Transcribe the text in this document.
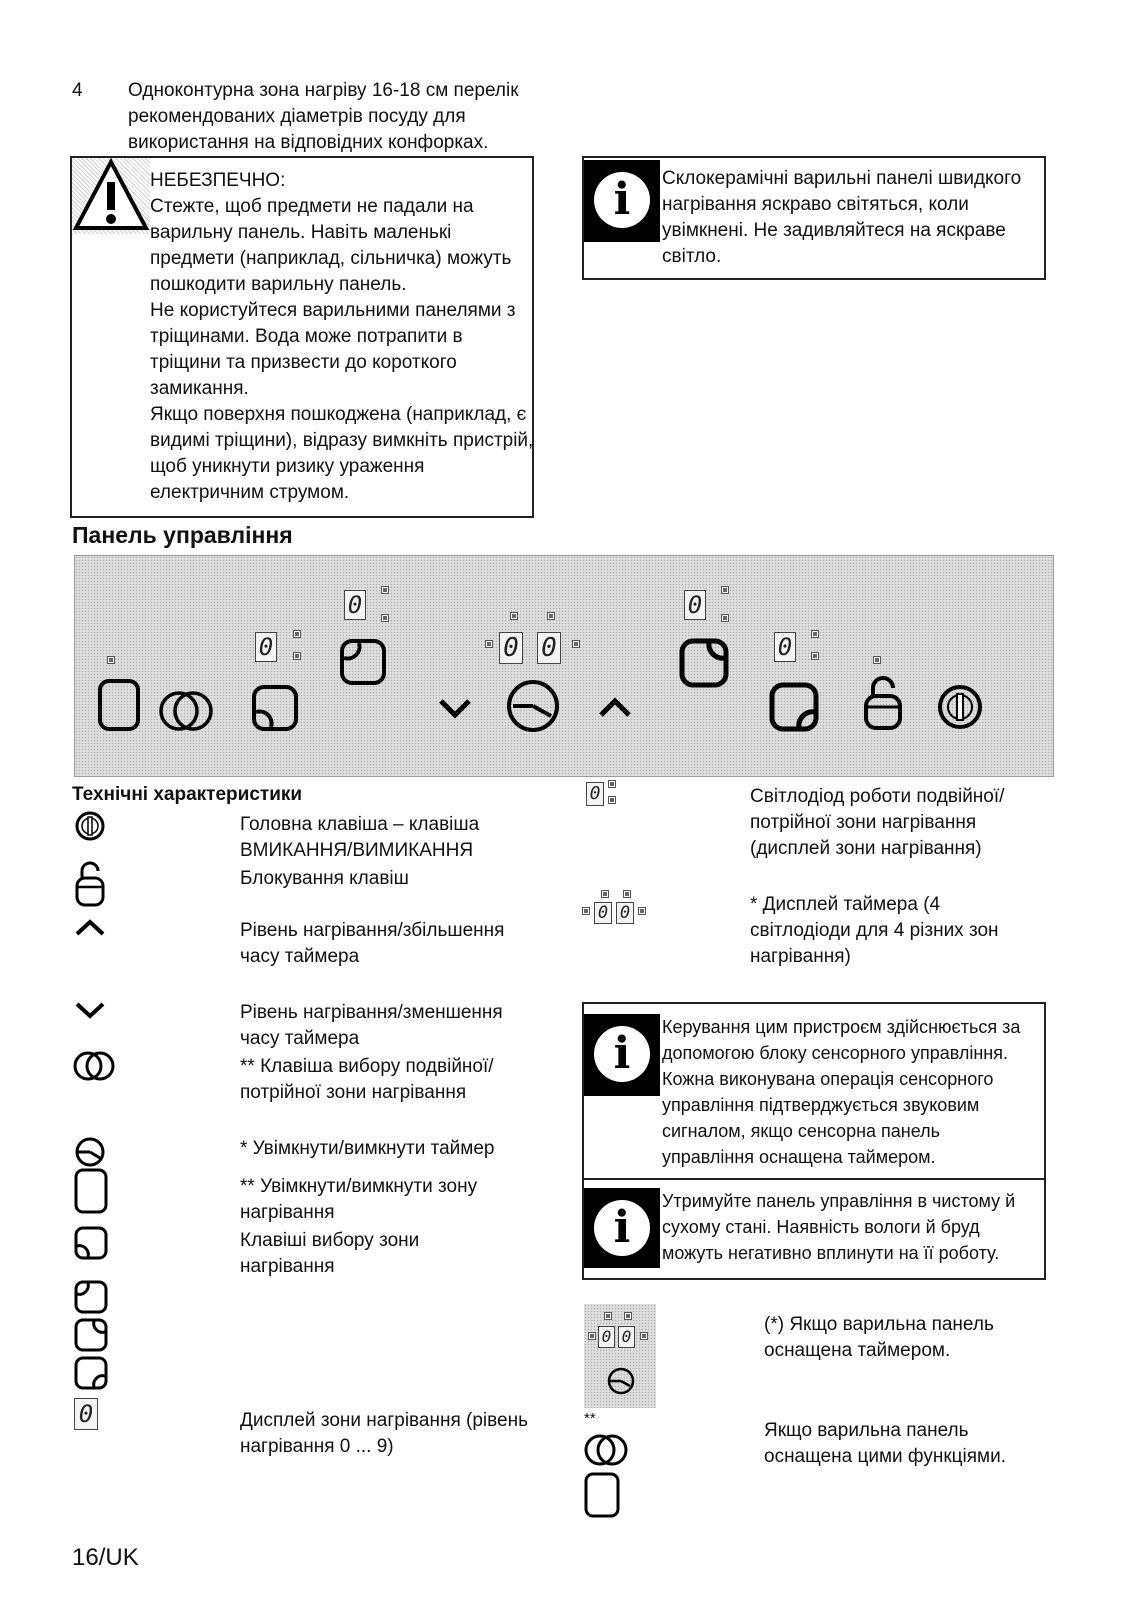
4 Одноконтурна зона нагріву 16-18 см перелік рекомендованих діаметрів посуду для використання на відповідних конфорках.
НЕБЕЗПЕЧНО:
Стежте, щоб предмети не падали на
варильну панель. Навіть маленькі
предмети (наприклад, сільничка) можуть
пошкодити варильну панель.
Не користуйтеся варильними панелями з
тріщинами. Вода може потрапити в
тріщини та призвести до короткого
замикання.
Якщо поверхня пошкоджена (наприклад, є
видимі тріщини), відразу вимкніть пристрій,
щоб уникнути ризику ураження
електричним струмом.
i	Склокерамічні варильні панелі швидкого
нагрівання яскраво світяться, коли
увімкнені. Не задивляйтеся на яскраве
світло.
Панель управління
0
0
0 0
0
0
Технічні характеристики
0
Головна клавіша – клавіша ВМИКАННЯ/ВИМИКАННЯ
Блокування клавіш
Рівень нагрівання/збільшення часу таймера
Рівень нагрівання/зменшення часу таймера
** Клавіша вибору подвійної/потрійної зони нагрівання
* Увімкнути/вимкнути таймер
** Увімкнути/вимкнути зону нагрівання
Клавіші вибору зони нагрівання
Дисплей зони нагрівання (рівень нагрівання 0 ... 9)
0
0 0
Світлодіод роботи подвійної/потрійної зони нагрівання (дисплей зони нагрівання)
* Дисплей таймера (4 світлодіоди для 4 різних зон нагрівання)
i
Керування цим пристроєм здійснюється за
допомогою блоку сенсорного управління.
Кожна виконувана операція сенсорного
управління підтверджується звуковим
сигналом, якщо сенсорна панель
управління оснащена таймером.
i
Утримуйте панель управління в чистому й
сухому стані. Наявність вологи й бруд
можуть негативно вплинути на її роботу.
0 0
(*) Якщо варильна панель оснащена таймером.
**
Якщо варильна панель оснащена цими функціями.
16/UK
